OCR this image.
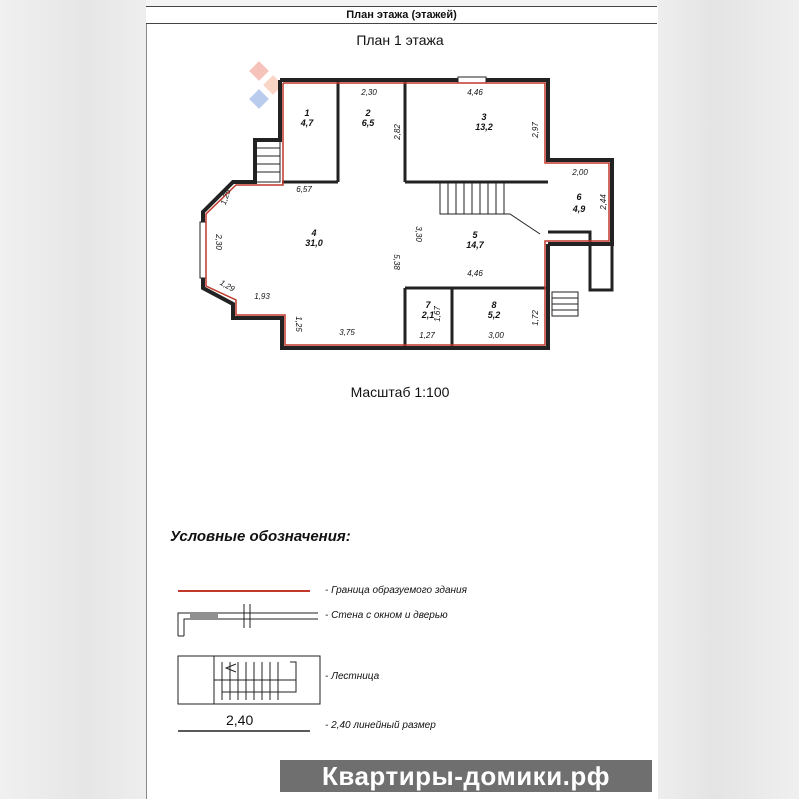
План этажа (этажей)
План 1 этажа
1
4,7
2
6,5
3
13,2
4
31,0
5
14,7
6
4,9
7
2,1
8
5,2
2,30	4,46
2,82	2,97
6,57
2,00
2,44
1,25
2,30
3,30
5,38
4,46
1,29
1,93
1,25
3,75
1,67	1,72
1,27	3,00
Масштаб 1:100
Условные обозначения:
- Граница образуемого здания
- Стена с окном и дверью
- Лестница
- 2,40 линейный размер
2,40
Квартиры-домики.рф
